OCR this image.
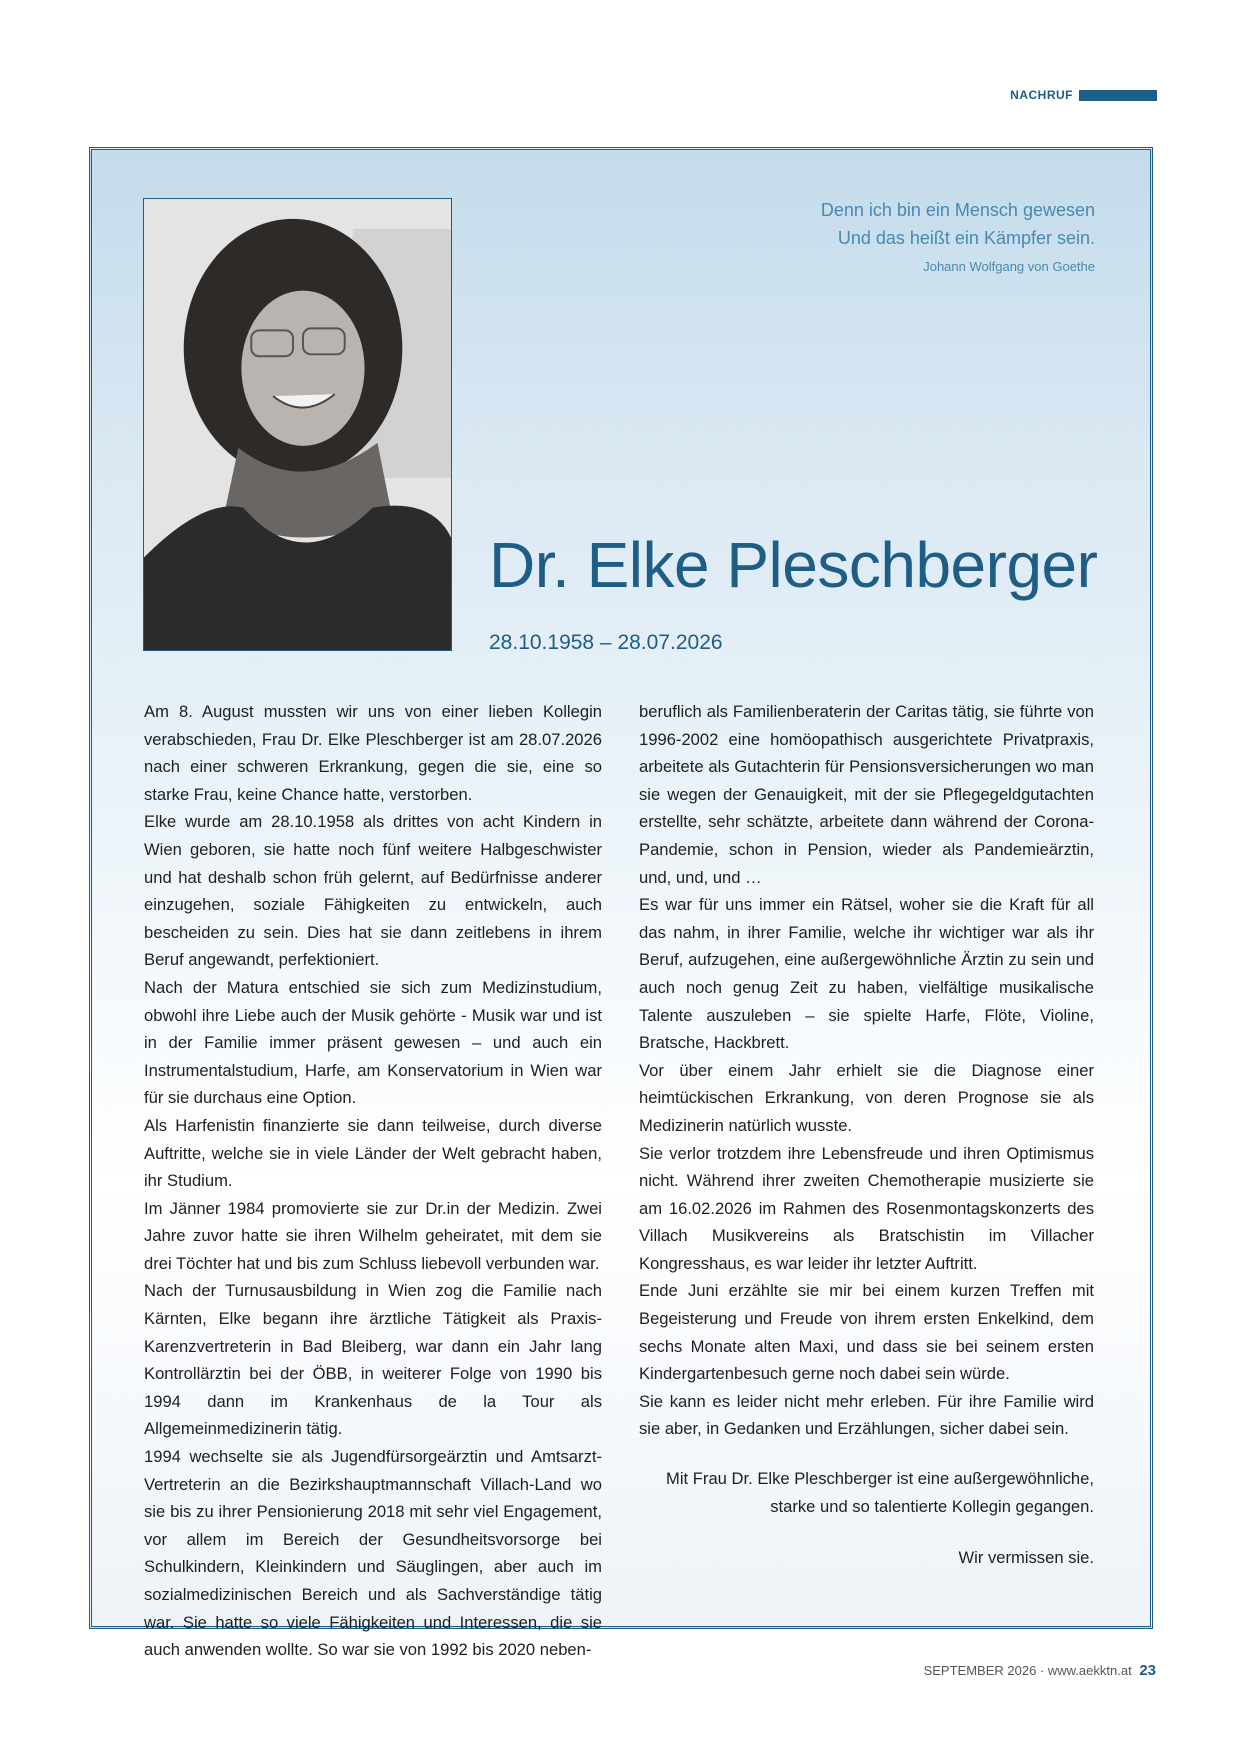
NACHRUF
Denn ich bin ein Mensch gewesen
Und das heißt ein Kämpfer sein.
Johann Wolfgang von Goethe
Dr. Elke Pleschberger
28.10.1958 – 28.07.2026

Am 8. August mussten wir uns von einer lieben Kollegin verabschieden, Frau Dr. Elke Pleschberger ist am 28.07.2026 nach einer schweren Erkrankung, gegen die sie, eine so starke Frau, keine Chance hatte, verstorben.

Elke wurde am 28.10.1958 als drittes von acht Kindern in Wien geboren, sie hatte noch fünf weitere Halbgeschwister und hat deshalb schon früh gelernt, auf Bedürfnisse anderer einzugehen, soziale Fähigkeiten zu entwickeln, auch bescheiden zu sein. Dies hat sie dann zeitlebens in ihrem Beruf angewandt, perfektioniert.

Nach der Matura entschied sie sich zum Medizinstudium, obwohl ihre Liebe auch der Musik gehörte - Musik war und ist in der Familie immer präsent gewesen – und auch ein Instrumentalstudium, Harfe, am Konservatorium in Wien war für sie durchaus eine Option.

Als Harfenistin finanzierte sie dann teilweise, durch diverse Auftritte, welche sie in viele Länder der Welt gebracht haben, ihr Studium.

Im Jänner 1984 promovierte sie zur Dr.in der Medizin. Zwei Jahre zuvor hatte sie ihren Wilhelm geheiratet, mit dem sie drei Töchter hat und bis zum Schluss liebevoll verbunden war.

Nach der Turnusausbildung in Wien zog die Familie nach Kärnten, Elke begann ihre ärztliche Tätigkeit als Praxis-Karenzvertreterin in Bad Bleiberg, war dann ein Jahr lang Kontrollärztin bei der ÖBB, in weiterer Folge von 1990 bis 1994 dann im Krankenhaus de la Tour als Allgemeinmedizinerin tätig.

1994 wechselte sie als Jugendfürsorgeärztin und Amtsarzt-Vertreterin an die Bezirkshauptmannschaft Villach-Land wo sie bis zu ihrer Pensionierung 2018 mit sehr viel Engagement, vor allem im Bereich der Gesundheitsvorsorge bei Schulkindern, Kleinkindern und Säuglingen, aber auch im sozialmedizinischen Bereich und als Sachverständige tätig war. Sie hatte so viele Fähigkeiten und Interessen, die sie auch anwenden wollte. So war sie von 1992 bis 2020 neben-

beruflich als Familienberaterin der Caritas tätig, sie führte von 1996-2002 eine homöopathisch ausgerichtete Privatpraxis, arbeitete als Gutachterin für Pensionsversicherungen wo man sie wegen der Genauigkeit, mit der sie Pflegegeldgutachten erstellte, sehr schätzte, arbeitete dann während der Corona-Pandemie, schon in Pension, wieder als Pandemieärztin, und, und, und …

Es war für uns immer ein Rätsel, woher sie die Kraft für all das nahm, in ihrer Familie, welche ihr wichtiger war als ihr Beruf, aufzugehen, eine außergewöhnliche Ärztin zu sein und auch noch genug Zeit zu haben, vielfältige musikalische Talente auszuleben – sie spielte Harfe, Flöte, Violine, Bratsche, Hackbrett.

Vor über einem Jahr erhielt sie die Diagnose einer heimtückischen Erkrankung, von deren Prognose sie als Medizinerin natürlich wusste.

Sie verlor trotzdem ihre Lebensfreude und ihren Optimismus nicht. Während ihrer zweiten Chemotherapie musizierte sie am 16.02.2026 im Rahmen des Rosenmontagskonzerts des Villach Musikvereins als Bratschistin im Villacher Kongresshaus, es war leider ihr letzter Auftritt.

Ende Juni erzählte sie mir bei einem kurzen Treffen mit Begeisterung und Freude von ihrem ersten Enkelkind, dem sechs Monate alten Maxi, und dass sie bei seinem ersten Kindergartenbesuch gerne noch dabei sein würde.

Sie kann es leider nicht mehr erleben. Für ihre Familie wird sie aber, in Gedanken und Erzählungen, sicher dabei sein.

Mit Frau Dr. Elke Pleschberger ist eine außergewöhnliche,

starke und so talentierte Kollegin gegangen.

Wir vermissen sie.

SEPTEMBER 2026 · www.aekktn.at 23
